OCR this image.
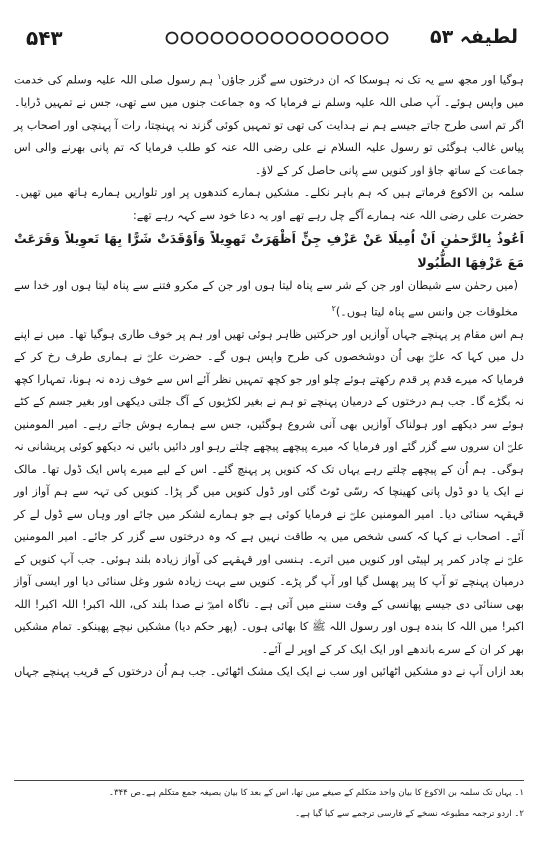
۵۴۳	لطیفہ ۵۳

ہوگیا اور مجھ سے یہ تک نہ ہوسکا کہ ان درختوں سے گزر جاؤں$^۱$ ہم رسول صلی اللہ علیہ وسلم کی خدمت میں واپس ہوئے۔ آپ صلی اللہ علیہ وسلم نے فرمایا کہ وہ جماعت جنوں میں سے تھی، جس نے تمہیں ڈرایا۔ اگر تم اسی طرح جاتے جیسے ہم نے ہدایت کی تھی تو تمہیں کوئی گزند نہ پہنچتا، رات آ پہنچی اور اصحاب پر پیاس غالب ہوگئی تو رسول علیہ السلام نے علی رضی اللہ عنہ کو طلب فرمایا کہ تم پانی بھرنے والی اس جماعت کے ساتھ جاؤ اور کنویں سے پانی حاصل کر کے لاؤ۔

سلمہ بن الاکوع فرماتے ہیں کہ ہم باہر نکلے۔ مشکیں ہمارے کندھوں پر اور تلواریں ہمارے ہاتھ میں تھیں۔ حضرت علی رضی اللہ عنہ ہمارے آگے چل رہے تھے اور یہ دعا خود سے کہہ رہے تھے:

اَعُوذُ بِالرَّحمٰنِ اَنْ اُمِيلَا عَنْ عَزْفِ جِنٍّ اَظْهَرَتْ تَهوِيلاً وَاَوْقَدَتْ شَرًّا بِهَا تَعوِيلاً وَقَرَعَتْ مَعَ عَزْفِهَا الطُّبُولا

(میں رحمٰن سے شیطان اور جن کے شر سے پناہ لیتا ہوں اور جن کے مکرو فتنے سے پناہ لیتا ہوں اور خدا سے مخلوقات جن وانس سے پناہ لیتا ہوں۔)$^۲$

ہم اس مقام پر پہنچے جہاں آوازیں اور حرکتیں ظاہر ہوئی تھیں اور ہم پر خوف طاری ہوگیا تھا۔ میں نے اپنے دل میں کہا کہ علیؓ بھی اُن دوشخصوں کی طرح واپس ہوں گے۔ حضرت علیؓ نے ہماری طرف رخ کر کے فرمایا کہ میرے قدم پر قدم رکھتے ہوئے چلو اور جو کچھ تمہیں نظر آئے اس سے خوف زدہ نہ ہونا، تمہارا کچھ نہ بگڑے گا۔ جب ہم درختوں کے درمیان پہنچے تو ہم نے بغیر لکڑیوں کے آگ جلتی دیکھی اور بغیر جسم کے کٹے ہوئے سر دیکھے اور ہولناک آوازیں بھی آنی شروع ہوگئیں، جس سے ہمارے ہوش جاتے رہے۔ امیر المومنین علیؓ ان سروں سے گزر گئے اور فرمایا کہ میرے پیچھے پیچھے چلتے رہو اور دائیں بائیں نہ دیکھو کوئی پریشانی نہ ہوگی۔ ہم اُن کے پیچھے چلتے رہے یہاں تک کہ کنویں پر پہنچ گئے۔ اس کے لیے میرے پاس ایک ڈول تھا۔ مالک نے ایک یا دو ڈول پانی کھینچا کہ رسّی ٹوٹ گئی اور ڈول کنویں میں گر پڑا۔ کنویں کی تہہ سے ہم آواز اور قہقہہ سنائی دیا۔ امیر المومنین علیؓ نے فرمایا کوئی ہے جو ہمارے لشکر میں جائے اور وہاں سے ڈول لے کر آئے۔ اصحاب نے کہا کہ کسی شخص میں یہ طاقت نہیں ہے کہ وہ درختوں سے گزر کر جائے۔ امیر المومنین علیؓ نے چادر کمر پر لپیٹی اور کنویں میں اترے۔ ہنسی اور قہقہے کی آواز زیادہ بلند ہوئی۔ جب آپ کنویں کے درمیان پہنچے تو آپ کا پیر پھسل گیا اور آپ گر پڑے۔ کنویں سے بہت زیادہ شور وغل سنائی دیا اور ایسی آواز بھی سنائی دی جیسے پھانسی کے وقت سننے میں آتی ہے۔ ناگاہ امیرؓ نے صدا بلند کی، اللہ اکبر! اللہ اکبر! اللہ اکبر! میں اللہ کا بندہ ہوں اور رسول اللہ ﷺ کا بھائی ہوں۔ (پھر حکم دیا) مشکیں نیچے پھینکو۔ تمام مشکیں بھر کر ان کے سرے باندھے اور ایک ایک کر کے اوپر لے آئے۔

بعد ازاں آپ نے دو مشکیں اٹھائیں اور سب نے ایک ایک مشک اٹھائی۔ جب ہم اُن درختوں کے قریب پہنچے جہاں

۱۔ یہاں تک سلمہ بن الاکوع کا بیان واحد متکلم کے صیغے میں تھا، اس کے بعد کا بیان بصیغہ جمع متکلم ہے۔ص ۳۴۴۔

۲۔ اردو ترجمہ مطبوعہ نسخے کے فارسی ترجمے سے کیا گیا ہے۔
